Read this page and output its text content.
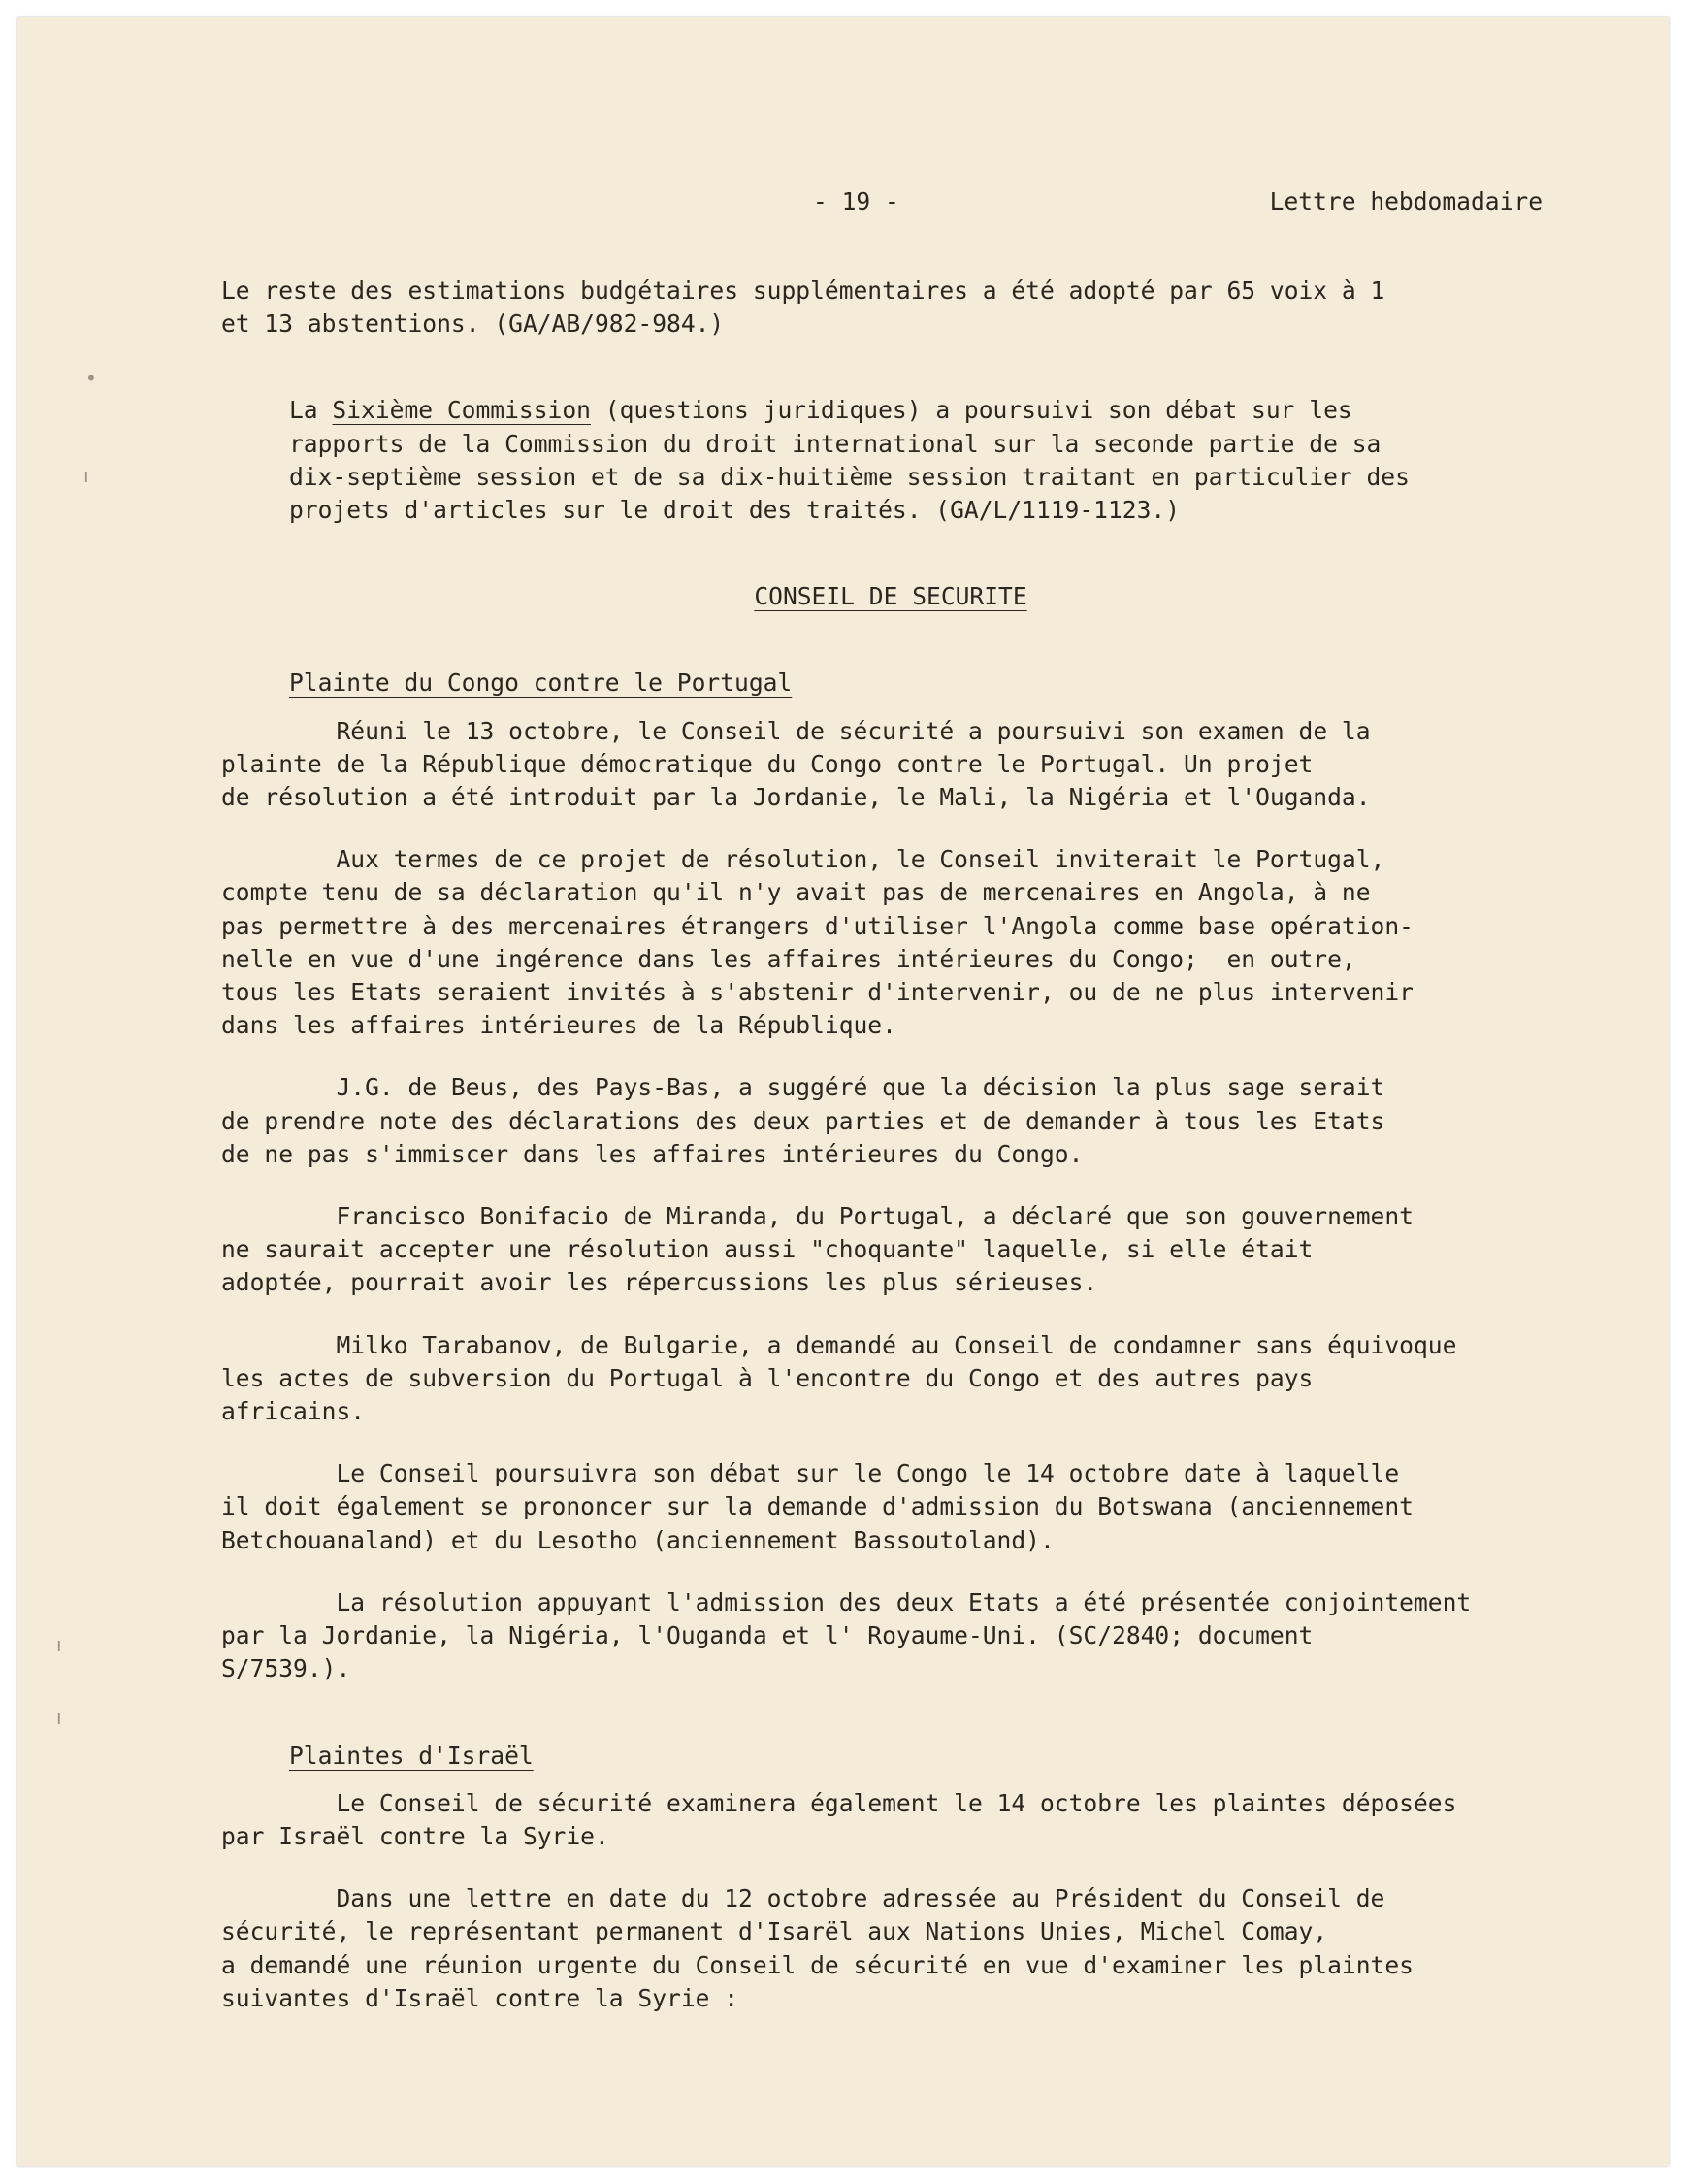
- 19 -	Lettre hebdomadaire
•
ı
ı
ı

Le reste des estimations budgétaires supplémentaires a été adopté par 65 voix à 1
et 13 abstentions. (GA/AB/982-984.)

La Sixième Commission (questions juridiques) a poursuivi son débat sur les
rapports de la Commission du droit international sur la seconde partie de sa
dix-septième session et de sa dix-huitième session traitant en particulier des
projets d'articles sur le droit des traités. (GA/L/1119-1123.)

CONSEIL DE SECURITE

Plainte du Congo contre le Portugal

Réuni le 13 octobre, le Conseil de sécurité a poursuivi son examen de la
plainte de la République démocratique du Congo contre le Portugal. Un projet
de résolution a été introduit par la Jordanie, le Mali, la Nigéria et l'Ouganda.

Aux termes de ce projet de résolution, le Conseil inviterait le Portugal,
compte tenu de sa déclaration qu'il n'y avait pas de mercenaires en Angola, à ne
pas permettre à des mercenaires étrangers d'utiliser l'Angola comme base opération-
nelle en vue d'une ingérence dans les affaires intérieures du Congo;  en outre,
tous les Etats seraient invités à s'abstenir d'intervenir, ou de ne plus intervenir
dans les affaires intérieures de la République.

J.G. de Beus, des Pays-Bas, a suggéré que la décision la plus sage serait
de prendre note des déclarations des deux parties et de demander à tous les Etats
de ne pas s'immiscer dans les affaires intérieures du Congo.

Francisco Bonifacio de Miranda, du Portugal, a déclaré que son gouvernement
ne saurait accepter une résolution aussi "choquante" laquelle, si elle était
adoptée, pourrait avoir les répercussions les plus sérieuses.

Milko Tarabanov, de Bulgarie, a demandé au Conseil de condamner sans équivoque
les actes de subversion du Portugal à l'encontre du Congo et des autres pays
africains.

Le Conseil poursuivra son débat sur le Congo le 14 octobre date à laquelle
il doit également se prononcer sur la demande d'admission du Botswana (anciennement
Betchouanaland) et du Lesotho (anciennement Bassoutoland).

La résolution appuyant l'admission des deux Etats a été présentée conjointement
par la Jordanie, la Nigéria, l'Ouganda et l' Royaume-Uni. (SC/2840; document
S/7539.).

Plaintes d'Israël

Le Conseil de sécurité examinera également le 14 octobre les plaintes déposées
par Israël contre la Syrie.

Dans une lettre en date du 12 octobre adressée au Président du Conseil de
sécurité, le représentant permanent d'Isarël aux Nations Unies, Michel Comay,
a demandé une réunion urgente du Conseil de sécurité en vue d'examiner les plaintes
suivantes d'Israël contre la Syrie :
